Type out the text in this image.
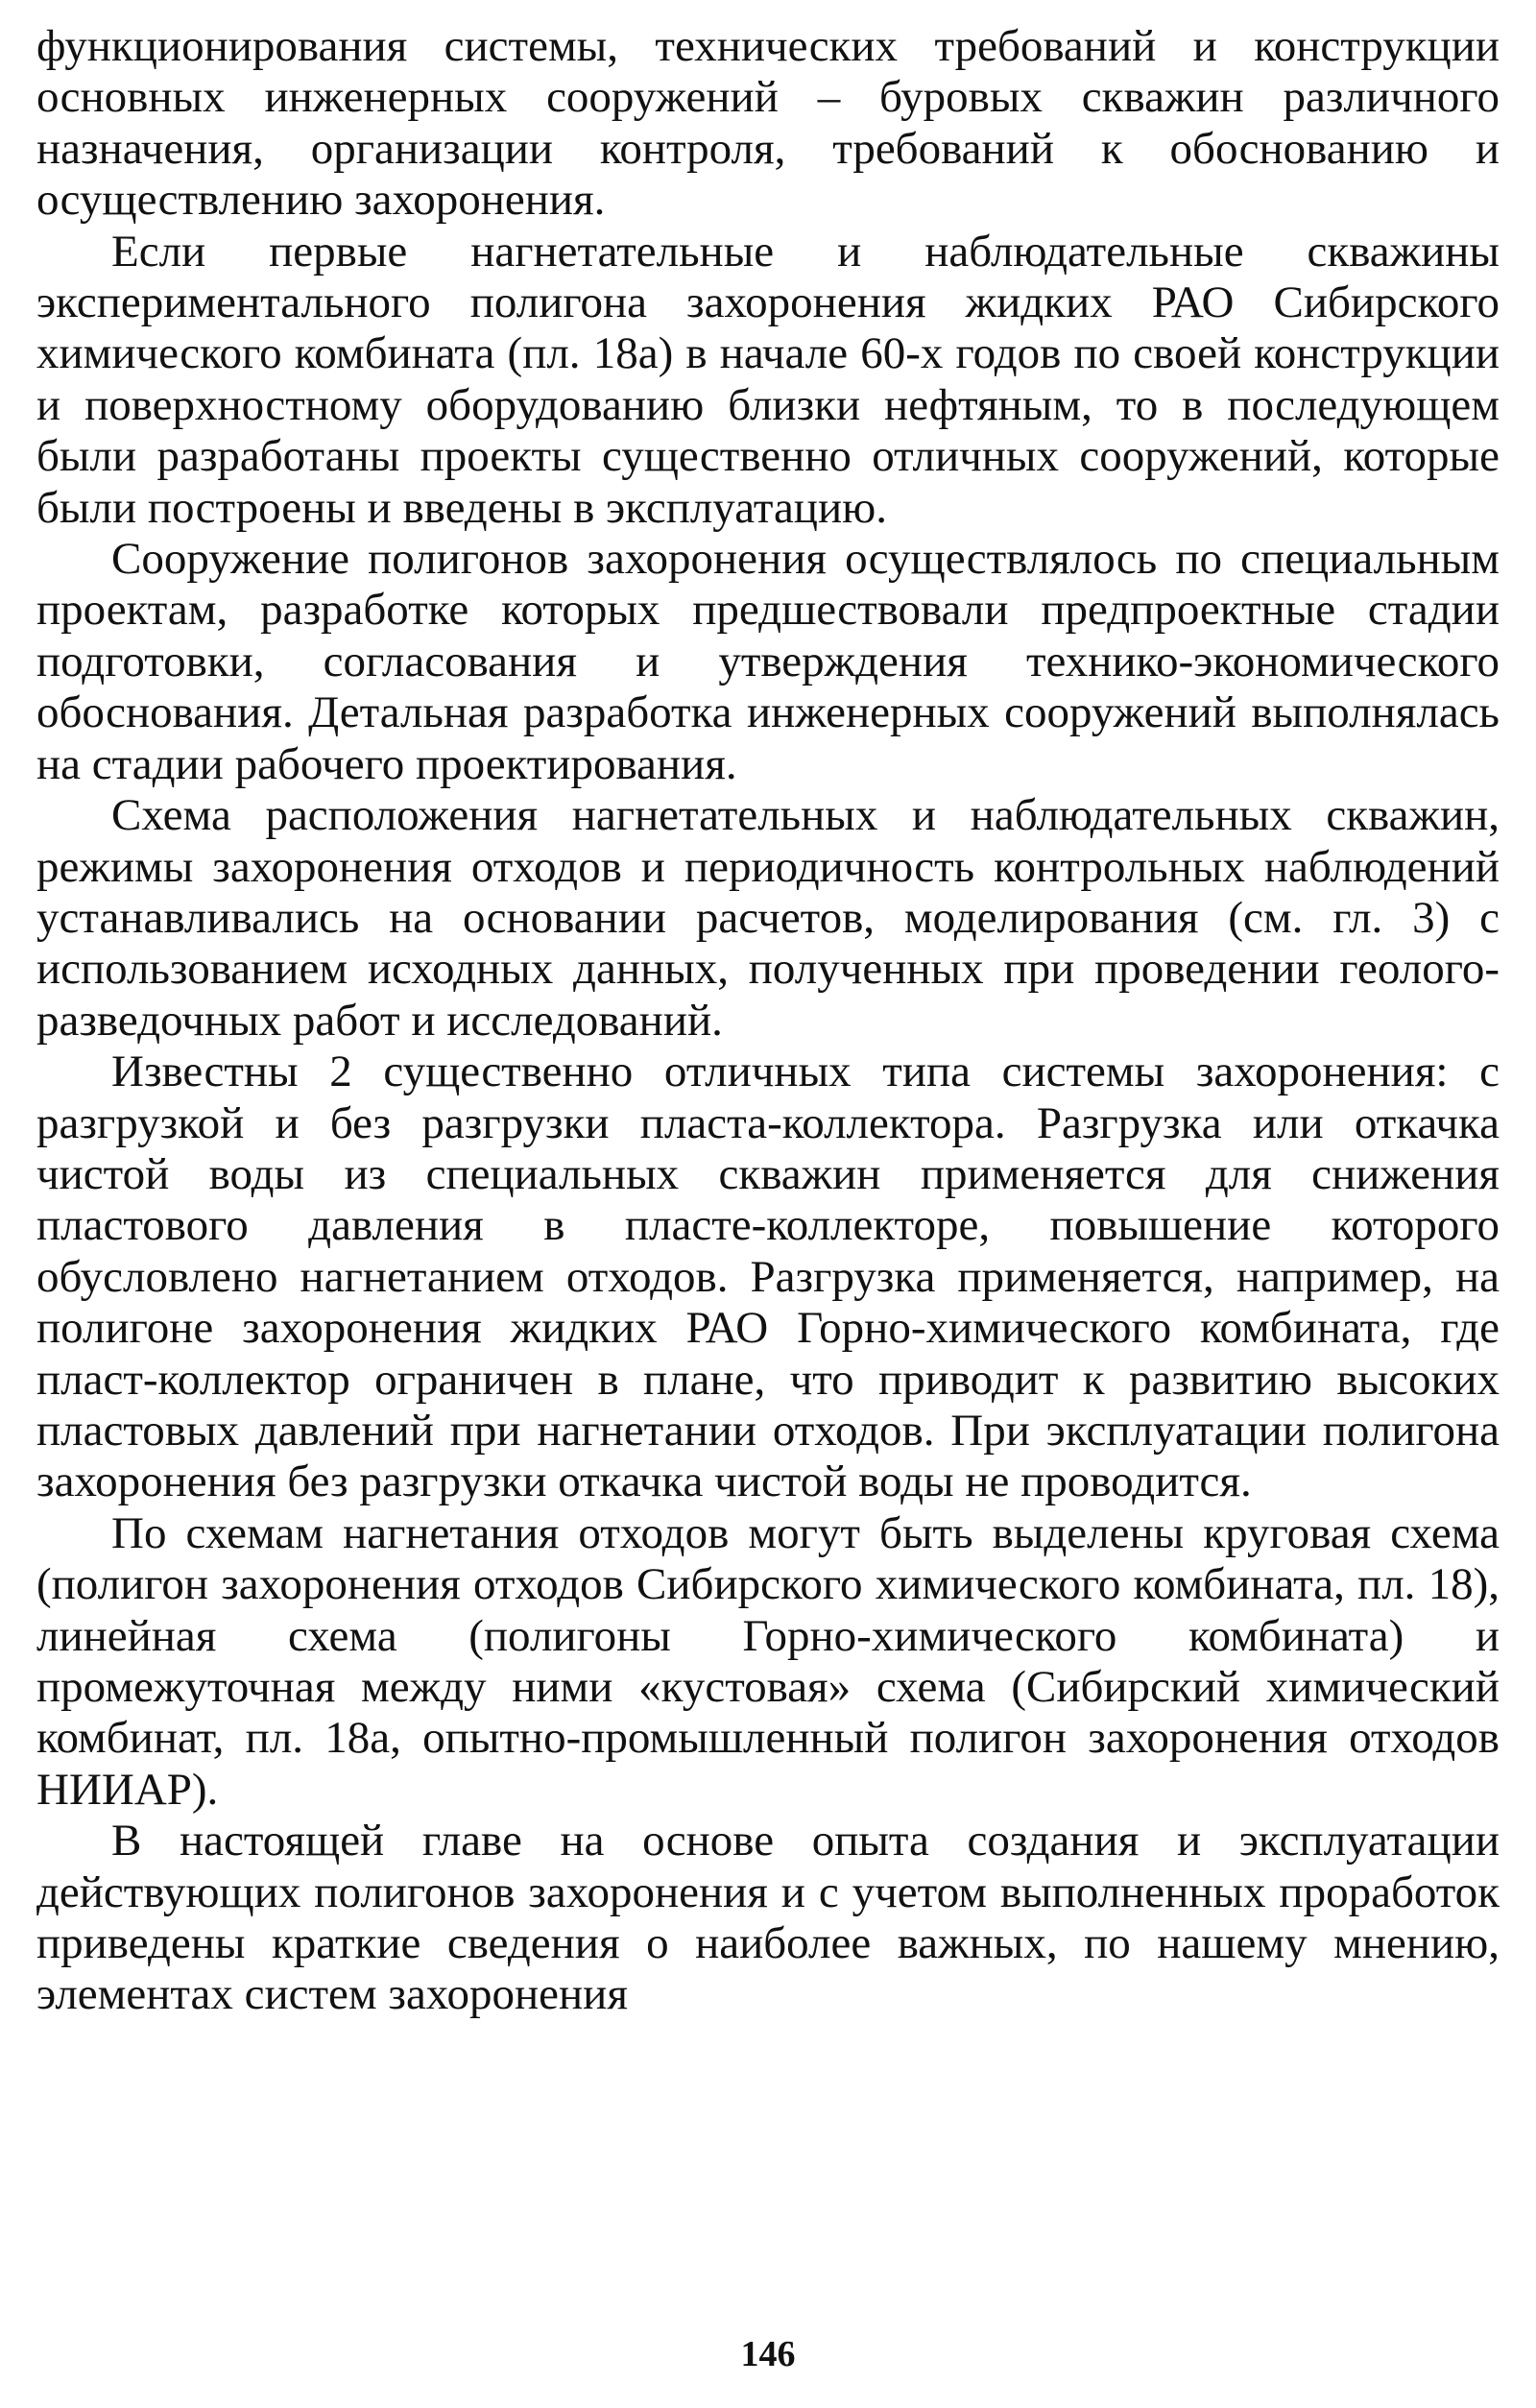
функционирования системы, технических требований и конструкции основных инженерных сооружений – буровых скважин различного назначения, организации контроля, требований к обоснованию и осуществлению захоронения.

Если первые нагнетательные и наблюдательные скважины экспериментального полигона захоронения жидких РАО Сибирского химического комбината (пл. 18а) в начале 60-х годов по своей конструкции и поверхностному оборудованию близки нефтяным, то в последующем были разработаны проекты существенно отличных сооружений, которые были построены и введены в эксплуатацию.

Сооружение полигонов захоронения осуществлялось по специальным проектам, разработке которых предшествовали предпроектные стадии подготовки, согласования и утверждения технико-экономического обоснования. Детальная разработка инженерных сооружений выполнялась на стадии рабочего проектирования.

Схема расположения нагнетательных и наблюдательных скважин, режимы захоронения отходов и периодичность контрольных наблюдений устанавливались на основании расчетов, моделирования (см. гл. 3) с использованием исходных данных, полученных при проведении геолого-разведочных работ и исследований.

Известны 2 существенно отличных типа системы захоронения: с разгрузкой и без разгрузки пласта-коллектора. Разгрузка или откачка чистой воды из специальных скважин применяется для снижения пластового давления в пласте-коллекторе, повышение которого обусловлено нагнетанием отходов. Разгрузка применяется, например, на полигоне захоронения жидких РАО Горно-химического комбината, где пласт-коллектор ограничен в плане, что приводит к развитию высоких пластовых давлений при нагнетании отходов. При эксплуатации полигона захоронения без разгрузки откачка чистой воды не проводится.

По схемам нагнетания отходов могут быть выделены круговая схема (полигон захоронения отходов Сибирского химического комбината, пл. 18), линейная схема (полигоны Горно-химического комбината) и промежуточная между ними «кустовая» схема (Сибирский химический комбинат, пл. 18а, опытно-промышленный полигон захоронения отходов НИИАР).

В настоящей главе на основе опыта создания и эксплуатации действующих полигонов захоронения и с учетом выполненных проработок приведены краткие сведения о наиболее важных, по нашему мнению, элементах систем захоронения

146
